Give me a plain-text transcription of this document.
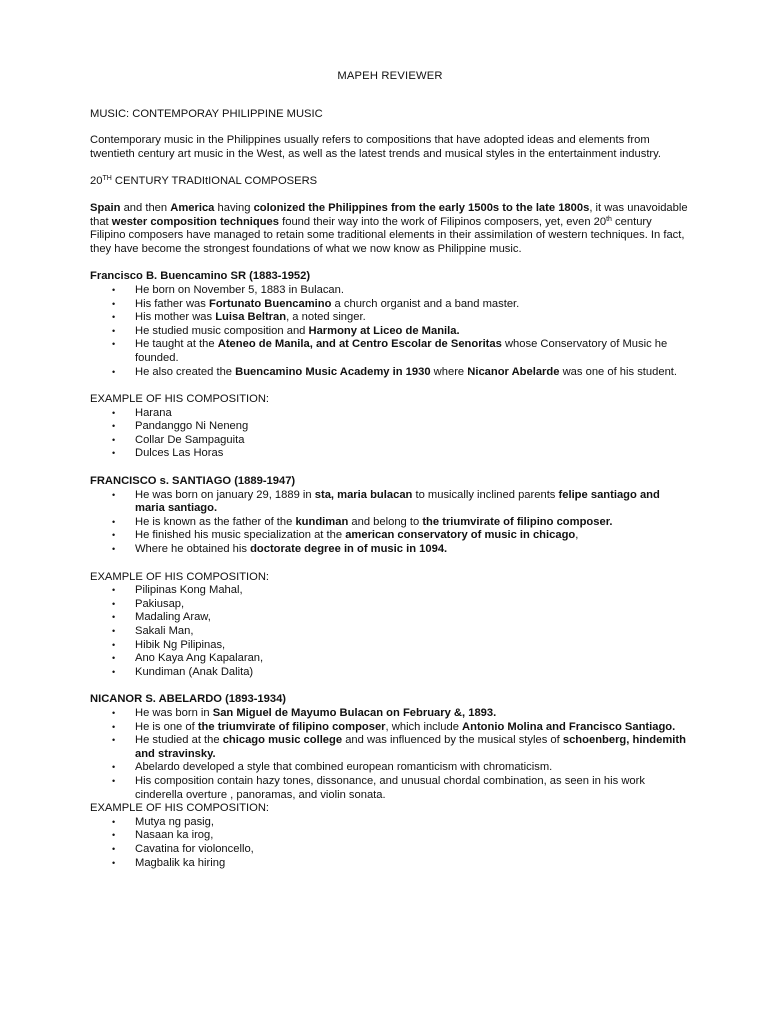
MAPEH REVIEWER
MUSIC: CONTEMPORAY PHILIPPINE MUSIC
Contemporary music in the Philippines usually refers to compositions that have adopted ideas and elements from twentieth century art music in the West, as well as the latest trends and musical styles in the entertainment industry.
20TH CENTURY TRADItIONAL COMPOSERS
Spain and then America having colonized the Philippines from the early 1500s to the late 1800s, it was unavoidable that wester composition techniques found their way into the work of Filipinos composers, yet, even 20th century Filipino composers have managed to retain some traditional elements in their assimilation of western techniques. In fact, they have become the strongest foundations of what we now know as Philippine music.
Francisco B. Buencamino SR (1883-1952)
• He born on November 5, 1883 in Bulacan.
• His father was Fortunato Buencamino a church organist and a band master.
• His mother was Luisa Beltran, a noted singer.
• He studied music composition and Harmony at Liceo de Manila.
• He taught at the Ateneo de Manila, and at Centro Escolar de Senoritas whose Conservatory of Music he founded.
• He also created the Buencamino Music Academy in 1930 where Nicanor Abelarde was one of his student.
EXAMPLE OF HIS COMPOSITION:
• Harana
• Pandanggo Ni Neneng
• Collar De Sampaguita
• Dulces Las Horas
FRANCISCO s. SANTIAGO (1889-1947)
• He was born on january 29, 1889 in sta, maria bulacan to musically inclined parents felipe santiago and maria santiago.
• He is known as the father of the kundiman and belong to the triumvirate of filipino composer.
• He finished his music specialization at the american conservatory of music in chicago,
• Where he obtained his doctorate degree in of music in 1094.
EXAMPLE OF HIS COMPOSITION:
• Pilipinas Kong Mahal,
• Pakiusap,
• Madaling Araw,
• Sakali Man,
• Hibik Ng Pilipinas,
• Ano Kaya Ang Kapalaran,
• Kundiman (Anak Dalita)
NICANOR S. ABELARDO (1893-1934)
• He was born in San Miguel de Mayumo Bulacan on February &, 1893.
• He is one of the triumvirate of filipino composer, which include Antonio Molina and Francisco Santiago.
• He studied at the chicago music college and was influenced by the musical styles of schoenberg, hindemith and stravinsky.
• Abelardo developed a style that combined european romanticism with chromaticism.
• His composition contain hazy tones, dissonance, and unusual chordal combination, as seen in his work cinderella overture , panoramas, and violin sonata.
EXAMPLE OF HIS COMPOSITION:
• Mutya ng pasig,
• Nasaan ka irog,
• Cavatina for violoncello,
• Magbalik ka hiring
